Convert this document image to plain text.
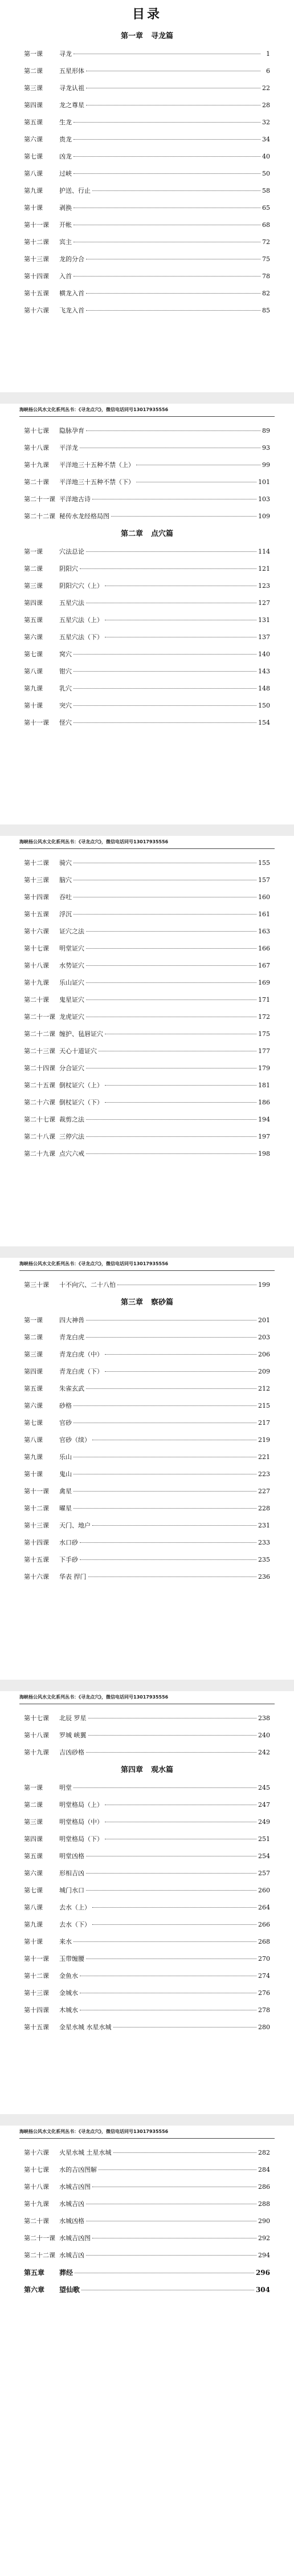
目录
第一章 寻龙篇
第一课	寻龙	1
第二课	五星形体	6
第三课	寻龙认祖	22
第四课	龙之尊星	28
第五课	生龙	32
第六课	贵龙	34
第七课	凶龙	40
第八课	过峡	50
第九课	护送、行止	58
第十课	剥换	65
第十一课	开帐	68
第十二课	宾主	72
第十三课	龙的分合	75
第十四课	入首	78
第十五课	横龙入首	82
第十六课	飞龙入首	85
海峡杨公风水文化系列丛书：《寻龙点穴》，微信电话同号13017935556
第十七课	隐脉孕育	89
第十八课	平洋龙	93
第十九课	平洋地三十五种不禁（上）	99
第二十课	平洋地三十五种不禁（下）	101
第二十一课 平洋地古诗	103
第二十二课 秘传水龙经格局图	109
第二章 点穴篇
第一课	穴法总论	114
第二课	阴阳穴	121
第三课	阴阳穴穴（上）	123
第四课	五星穴法	127
第五课	五星穴法（上）	131
第六课	五星穴法（下）	137
第七课	窝穴	140
第八课	钳穴	143
第九课	乳穴	148
第十课	突穴	150
第十一课	怪穴	154
海峡杨公风水文化系列丛书：《寻龙点穴》，微信电话同号13017935556
第十二课	骑穴	155
第十三课	脑穴	157
第十四课	吞吐	160
第十五课	浮沉	161
第十六课	证穴之法	163
第十七课	明堂证穴	166
第十八课	水势证穴	167
第十九课	乐山证穴	169
第二十课	鬼星证穴	171
第二十一课 龙虎证穴	172
第二十二课 缠护、毡唇证穴	175
第二十三课 天心十道证穴	177
第二十四课 分合证穴	179
第二十五课 倒杖证穴（上）	181
第二十六课 倒杖证穴（下）	186
第二十七课 裁剪之法	194
第二十八课 三停穴法	197
第二十九课 点穴六戒	198
海峡杨公风水文化系列丛书：《寻龙点穴》，微信电话同号13017935556
第三十课	十不向穴、二十八怕	199
第三章 察砂篇
第一课	四大神兽	201
第二课	青龙白虎	203
第三课	青龙白虎（中）	206
第四课	青龙白虎（下）	209
第五课	朱雀玄武	212
第六课	砂格	215
第七课	官砂	217
第八课	官砂（续）	219
第九课	乐山	221
第十课	鬼山	223
第十一课	禽星	227
第十二课	曜星	228
第十三课	天门、地户	231
第十四课	水口砂	233
第十五课	下手砂	235
第十六课	华表 捍门	236
海峡杨公风水文化系列丛书：《寻龙点穴》，微信电话同号13017935556
第十七课	北辰 罗星	238
第十八课	罗城 峡翼	240
第十九课	吉凶砂格	242
第四章 观水篇
第一课	明堂	245
第二课	明堂格局（上）	247
第三课	明堂格局（中）	249
第四课	明堂格局（下）	251
第五课	明堂凶格	254
第六课	形相吉凶	257
第七课	城门水口	260
第八课	去水（上）	264
第九课	去水（下）	266
第十课	来水	268
第十一课	玉带缠腰	270
第十二课	金鱼水	274
第十三课	金城水	276
第十四课	木城水	278
第十五课	金星水城 水星水城	280
海峡杨公风水文化系列丛书：《寻龙点穴》，微信电话同号13017935556
第十六课	火星水城 土星水城	282
第十七课	水的吉凶图解	284
第十八课	水城吉凶图	286
第十九课	水城吉凶	288
第二十课	水城凶格	290
第二十一课 水城吉凶图	292
第二十二课 水城吉凶	294
第五章	葬经	296
第六章	望仙歌	304
